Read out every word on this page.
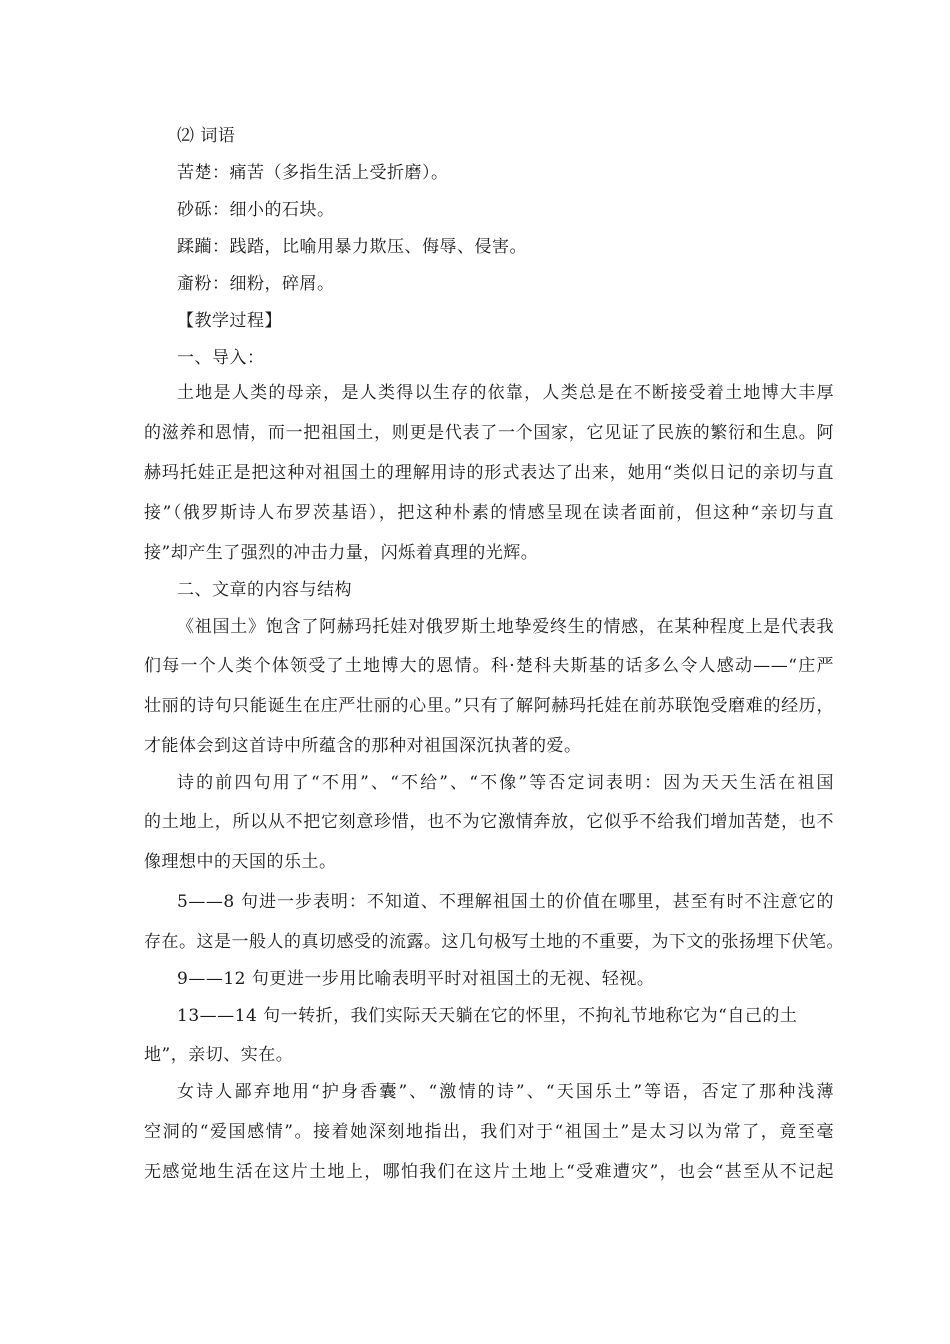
⑵ 词语
苦楚：痛苦（多指生活上受折磨）。
砂砾：细小的石块。
蹂躏：践踏，比喻用暴力欺压、侮辱、侵害。
齑粉：细粉，碎屑。
【教学过程】
一、导入：
土地是人类的母亲，是人类得以生存的依靠，人类总是在不断接受着土地博大丰厚
的滋养和恩情，而一把祖国土，则更是代表了一个国家，它见证了民族的繁衍和生息。阿
赫玛托娃正是把这种对祖国土的理解用诗的形式表达了出来，她用“类似日记的亲切与直
接”（俄罗斯诗人布罗茨基语），把这种朴素的情感呈现在读者面前，但这种“亲切与直
接”却产生了强烈的冲击力量，闪烁着真理的光辉。
二、文章的内容与结构
《祖国土》饱含了阿赫玛托娃对俄罗斯土地挚爱终生的情感，在某种程度上是代表我
们每一个人类个体领受了土地博大的恩情。科·楚科夫斯基的话多么令人感动——“庄严
壮丽的诗句只能诞生在庄严壮丽的心里。”只有了解阿赫玛托娃在前苏联饱受磨难的经历，
才能体会到这首诗中所蕴含的那种对祖国深沉执著的爱。
诗的前四句用了“不用”、“不给”、“不像”等否定词表明：因为天天生活在祖国
的土地上，所以从不把它刻意珍惜，也不为它激情奔放，它似乎不给我们增加苦楚，也不
像理想中的天国的乐土。
5——8 句进一步表明：不知道、不理解祖国土的价值在哪里，甚至有时不注意它的
存在。这是一般人的真切感受的流露。这几句极写土地的不重要，为下文的张扬埋下伏笔。
9——12 句更进一步用比喻表明平时对祖国土的无视、轻视。
13——14 句一转折，我们实际天天躺在它的怀里，不拘礼节地称它为“自己的土
地”，亲切、实在。
女诗人鄙弃地用“护身香囊”、“激情的诗”、“天国乐土”等语，否定了那种浅薄
空洞的“爱国感情”。接着她深刻地指出，我们对于“祖国土”是太习以为常了，竟至毫
无感觉地生活在这片土地上，哪怕我们在这片土地上“受难遭灾”，也会“甚至从不记起
